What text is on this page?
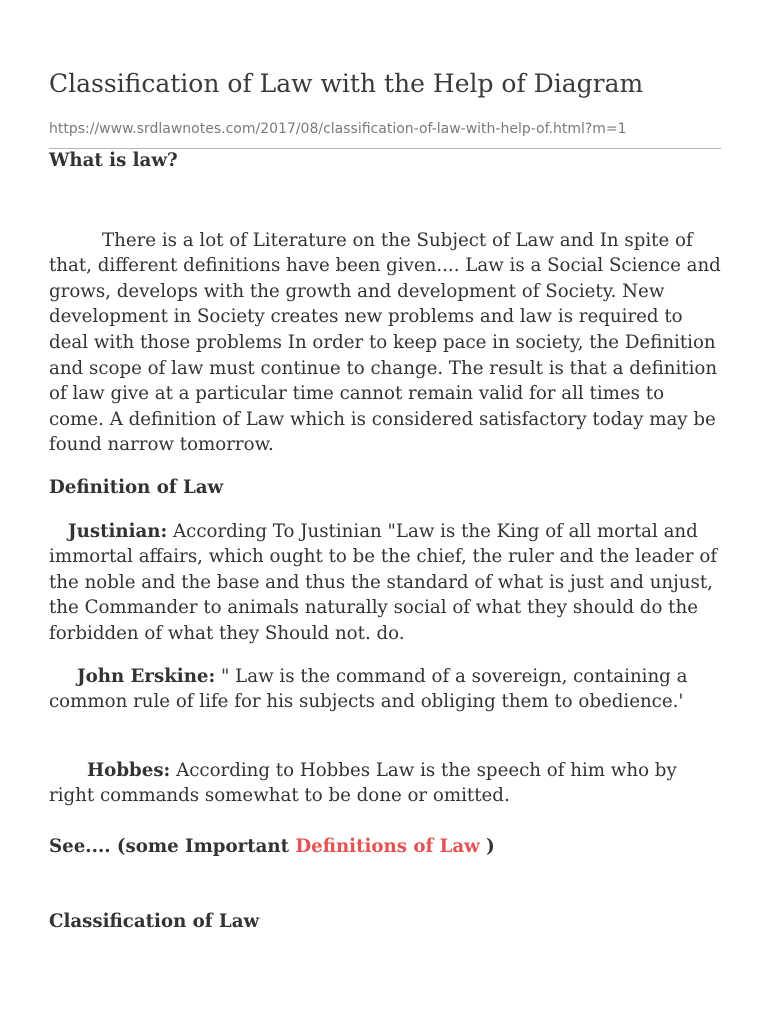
Classification of Law with the Help of Diagram
https://www.srdlawnotes.com/2017/08/classification-of-law-with-help-of.html?m=1

What is law?

There is a lot of Literature on the Subject of Law and In spite of that, different definitions have been given.... Law is a Social Science and grows, develops with the growth and development of Society. New development in Society creates new problems and law is required to deal with those problems In order to keep pace in society, the Definition and scope of law must continue to change. The result is that a definition of law give at a particular time cannot remain valid for all times to come. A definition of Law which is considered satisfactory today may be found narrow tomorrow.

Definition of Law

Justinian: According To Justinian "Law is the King of all mortal and immortal affairs, which ought to be the chief, the ruler and the leader of the noble and the base and thus the standard of what is just and unjust, the Commander to animals naturally social of what they should do the forbidden of what they Should not. do.

John Erskine: " Law is the command of a sovereign, containing a common rule of life for his subjects and obliging them to obedience.'

Hobbes: According to Hobbes Law is the speech of him who by right commands somewhat to be done or omitted.

See.... (some Important Definitions of Law )

Classification of Law
